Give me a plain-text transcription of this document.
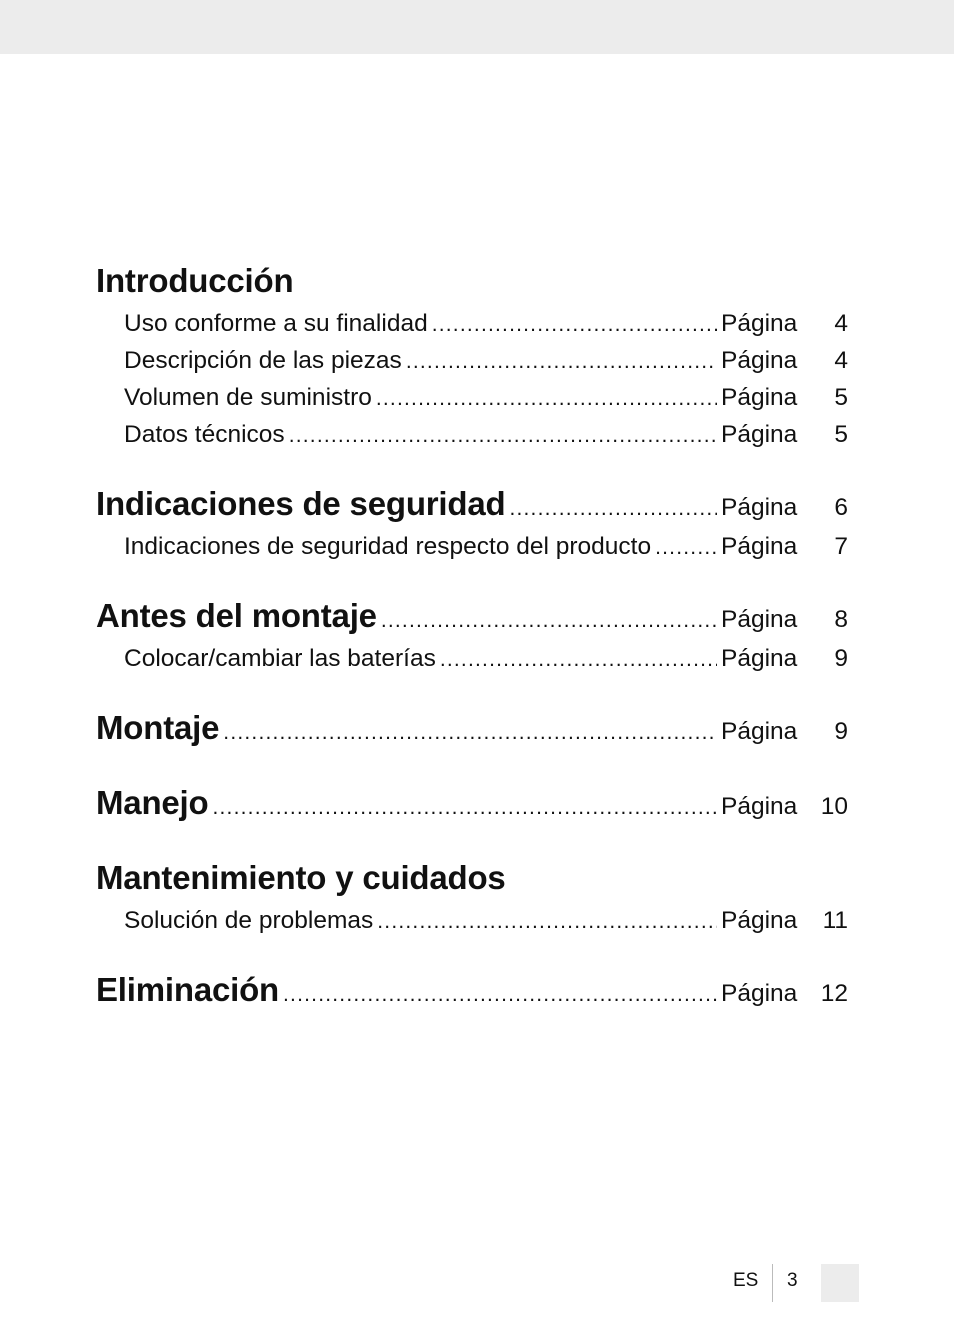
Introducción
Uso conforme a su finalidad .....	Página	4
Descripción de las piezas .....	Página	4
Volumen de suministro .....	Página	5
Datos técnicos .....	Página	5
Indicaciones de seguridad .....	Página	6
Indicaciones de seguridad respecto del producto .....	Página	7
Antes del montaje .....	Página	8
Colocar/cambiar las baterías .....	Página	9
Montaje .....	Página	9
Manejo .....	Página 10
Mantenimiento y cuidados
Solución de problemas .....	Página	11
Eliminación .....	Página 12
ES 3
